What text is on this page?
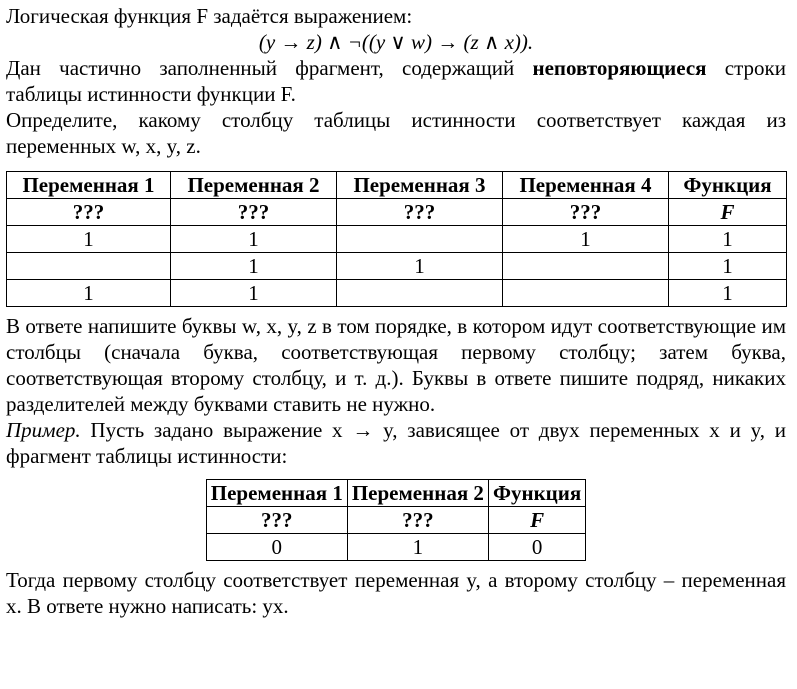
Логическая функция F задаётся выражением:

(y → z) ∧ ¬((y ∨ w) → (z ∧ x)).

Дан частично заполненный фрагмент, содержащий неповторяющиеся строки таблицы истинности функции F.

Определите, какому столбцу таблицы истинности соответствует каждая из переменных w, x, y, z.

Переменная 1	Переменная 2	Переменная 3	Переменная 4	Функция
???	???	???	???	F
1	1		1	1
	1	1		1
1	1			1

В ответе напишите буквы w, x, y, z в том порядке, в котором идут соответствующие им столбцы (сначала буква, соответствующая первому столбцу; затем буква, соответствующая второму столбцу, и т. д.). Буквы в ответе пишите подряд, никаких разделителей между буквами ставить не нужно.

Пример. Пусть задано выражение x → y, зависящее от двух переменных x и y, и фрагмент таблицы истинности:

Переменная 1	Переменная 2	Функция
???	???	F
0	1	0

Тогда первому столбцу соответствует переменная y, а второму столбцу – переменная x. В ответе нужно написать: yx.
